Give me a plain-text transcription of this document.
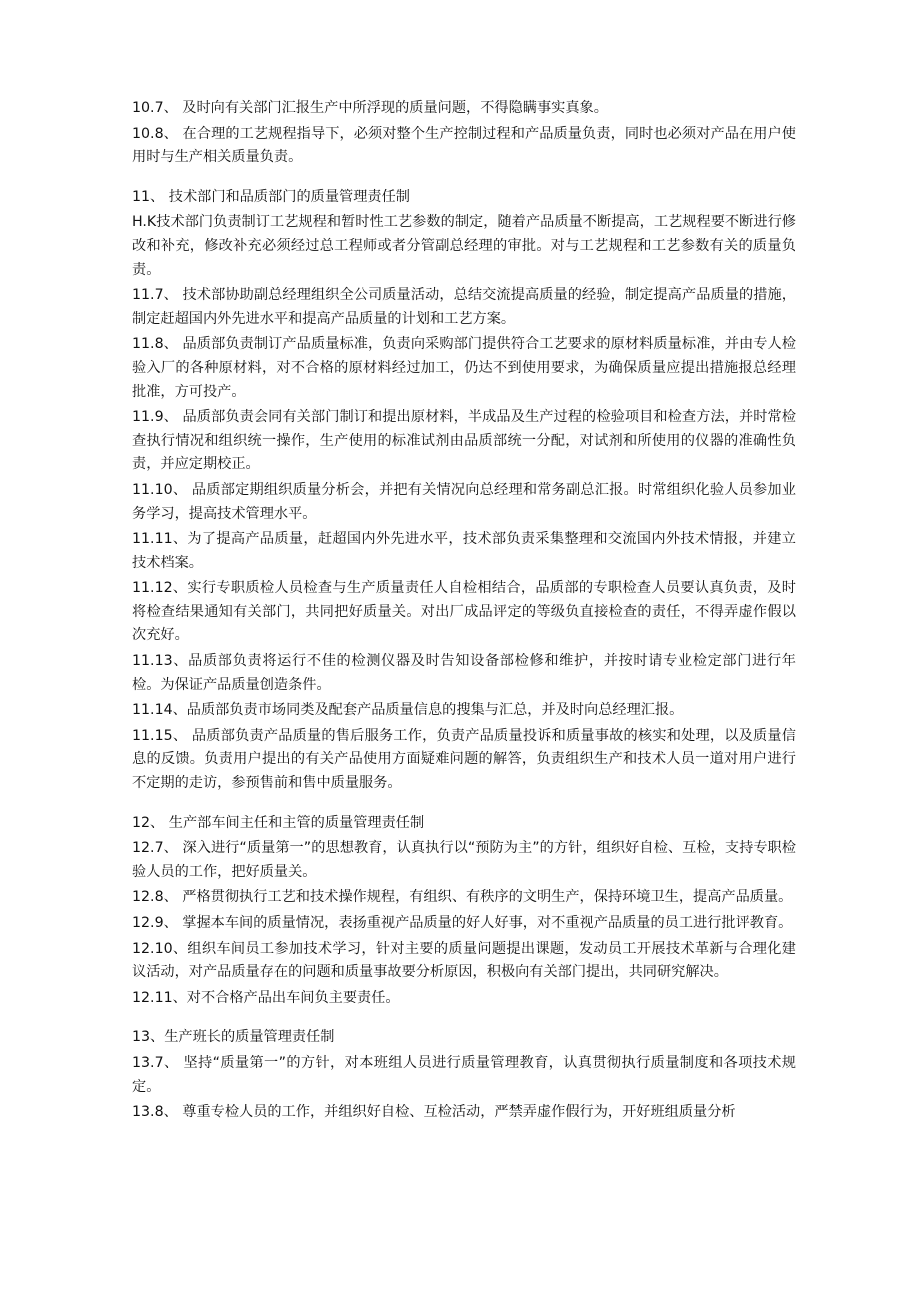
10.7、 及时向有关部门汇报生产中所浮现的质量问题，不得隐瞒事实真象。
10.8、 在合理的工艺规程指导下，必须对整个生产控制过程和产品质量负责，同时也必须对产品在用户使用时与生产相关质量负责。
11、 技术部门和品质部门的质量管理责任制
H.K技术部门负责制订工艺规程和暂时性工艺参数的制定，随着产品质量不断提高，工艺规程要不断进行修改和补充，修改补充必须经过总工程师或者分管副总经理的审批。对与工艺规程和工艺参数有关的质量负责。
11.7、 技术部协助副总经理组织全公司质量活动，总结交流提高质量的经验，制定提高产品质量的措施，制定赶超国内外先进水平和提高产品质量的计划和工艺方案。
11.8、 品质部负责制订产品质量标准，负责向采购部门提供符合工艺要求的原材料质量标准，并由专人检验入厂的各种原材料，对不合格的原材料经过加工，仍达不到使用要求，为确保质量应提出措施报总经理批准，方可投产。
11.9、 品质部负责会同有关部门制订和提出原材料，半成品及生产过程的检验项目和检查方法，并时常检查执行情况和组织统一操作，生产使用的标准试剂由品质部统一分配，对试剂和所使用的仪器的准确性负责，并应定期校正。
11.10、 品质部定期组织质量分析会，并把有关情况向总经理和常务副总汇报。时常组织化验人员参加业务学习，提高技术管理水平。
11.11、为了提高产品质量，赶超国内外先进水平，技术部负责采集整理和交流国内外技术情报，并建立技术档案。
11.12、实行专职质检人员检查与生产质量责任人自检相结合，品质部的专职检查人员要认真负责，及时将检查结果通知有关部门，共同把好质量关。对出厂成品评定的等级负直接检查的责任，不得弄虚作假以次充好。
11.13、品质部负责将运行不佳的检测仪器及时告知设备部检修和维护，并按时请专业检定部门进行年检。为保证产品质量创造条件。
11.14、品质部负责市场同类及配套产品质量信息的搜集与汇总，并及时向总经理汇报。
11.15、 品质部负责产品质量的售后服务工作，负责产品质量投诉和质量事故的核实和处理，以及质量信息的反馈。负责用户提出的有关产品使用方面疑难问题的解答，负责组织生产和技术人员一道对用户进行不定期的走访，参预售前和售中质量服务。
12、 生产部车间主任和主管的质量管理责任制
12.7、 深入进行“质量第一”的思想教育，认真执行以“预防为主”的方针，组织好自检、互检，支持专职检验人员的工作，把好质量关。
12.8、 严格贯彻执行工艺和技术操作规程，有组织、有秩序的文明生产，保持环境卫生，提高产品质量。
12.9、 掌握本车间的质量情况，表扬重视产品质量的好人好事，对不重视产品质量的员工进行批评教育。
12.10、组织车间员工参加技术学习，针对主要的质量问题提出课题，发动员工开展技术革新与合理化建议活动，对产品质量存在的问题和质量事故要分析原因，积极向有关部门提出，共同研究解决。
12.11、对不合格产品出车间负主要责任。
13、生产班长的质量管理责任制
13.7、 坚持“质量第一”的方针，对本班组人员进行质量管理教育，认真贯彻执行质量制度和各项技术规定。
13.8、 尊重专检人员的工作，并组织好自检、互检活动，严禁弄虚作假行为，开好班组质量分析
